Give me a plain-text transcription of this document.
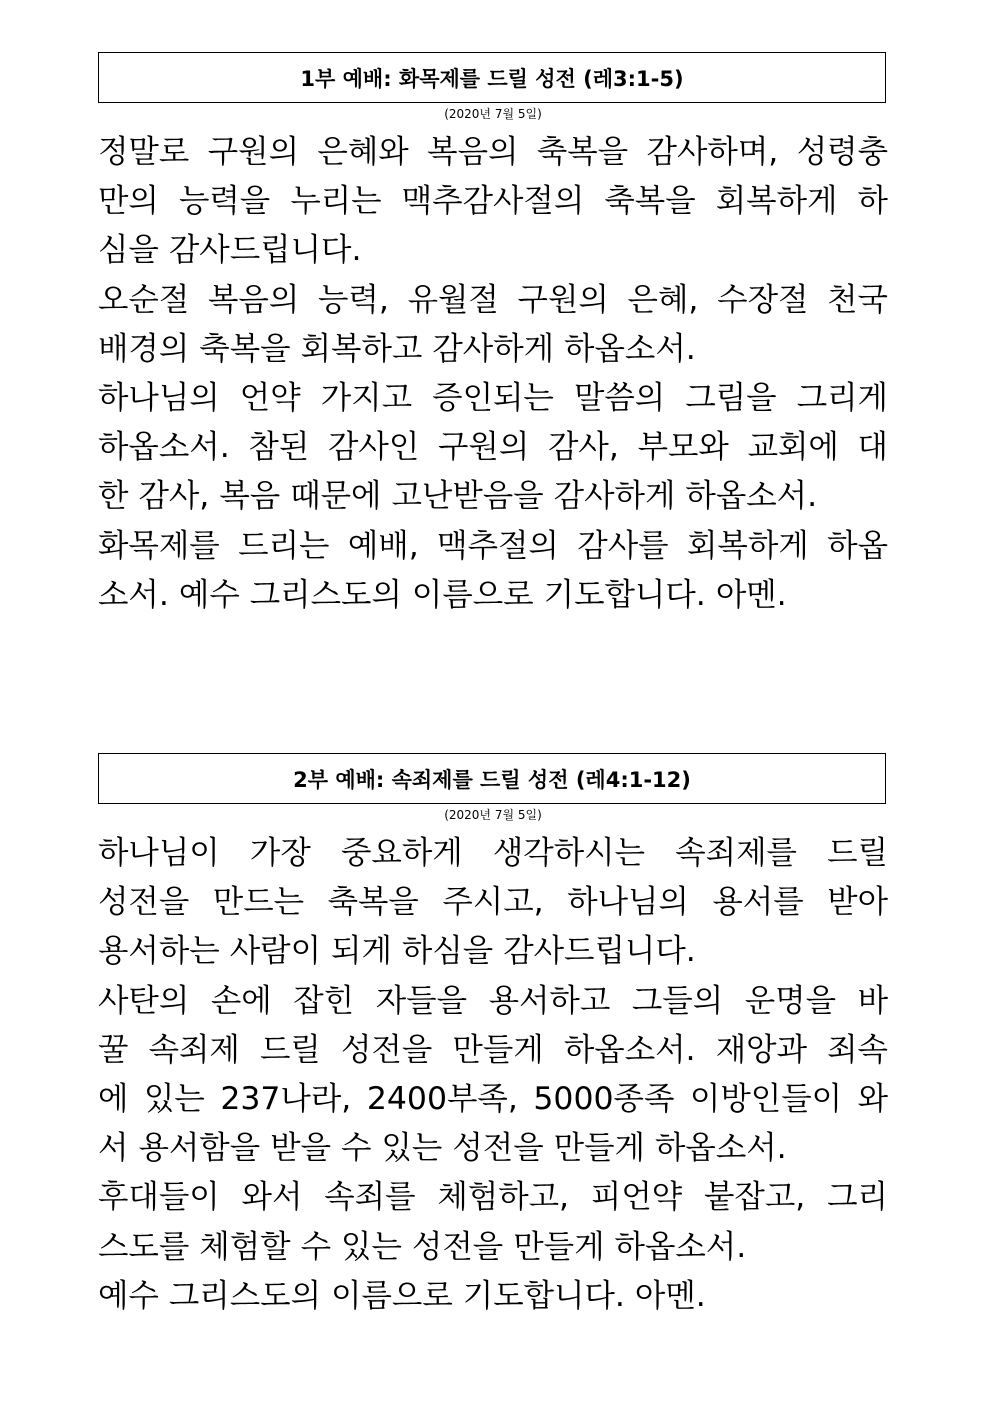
1부 예배: 화목제를 드릴 성전 (레3:1-5)
(2020년 7월 5일)
정말로 구원의 은혜와 복음의 축복을 감사하며, 성령충
만의 능력을 누리는 맥추감사절의 축복을 회복하게 하
심을 감사드립니다.
오순절 복음의 능력, 유월절 구원의 은혜, 수장절 천국
배경의 축복을 회복하고 감사하게 하옵소서.
하나님의 언약 가지고 증인되는 말씀의 그림을 그리게
하옵소서. 참된 감사인 구원의 감사, 부모와 교회에 대
한 감사, 복음 때문에 고난받음을 감사하게 하옵소서.
화목제를 드리는 예배, 맥추절의 감사를 회복하게 하옵
소서. 예수 그리스도의 이름으로 기도합니다. 아멘.
2부 예배: 속죄제를 드릴 성전 (레4:1-12)
(2020년 7월 5일)
하나님이 가장 중요하게 생각하시는 속죄제를 드릴
성전을 만드는 축복을 주시고, 하나님의 용서를 받아
용서하는 사람이 되게 하심을 감사드립니다.
사탄의 손에 잡힌 자들을 용서하고 그들의 운명을 바
꿀 속죄제 드릴 성전을 만들게 하옵소서. 재앙과 죄속
에 있는 237나라, 2400부족, 5000종족 이방인들이 와
서 용서함을 받을 수 있는 성전을 만들게 하옵소서.
후대들이 와서 속죄를 체험하고, 피언약 붙잡고, 그리
스도를 체험할 수 있는 성전을 만들게 하옵소서.
예수 그리스도의 이름으로 기도합니다. 아멘.
